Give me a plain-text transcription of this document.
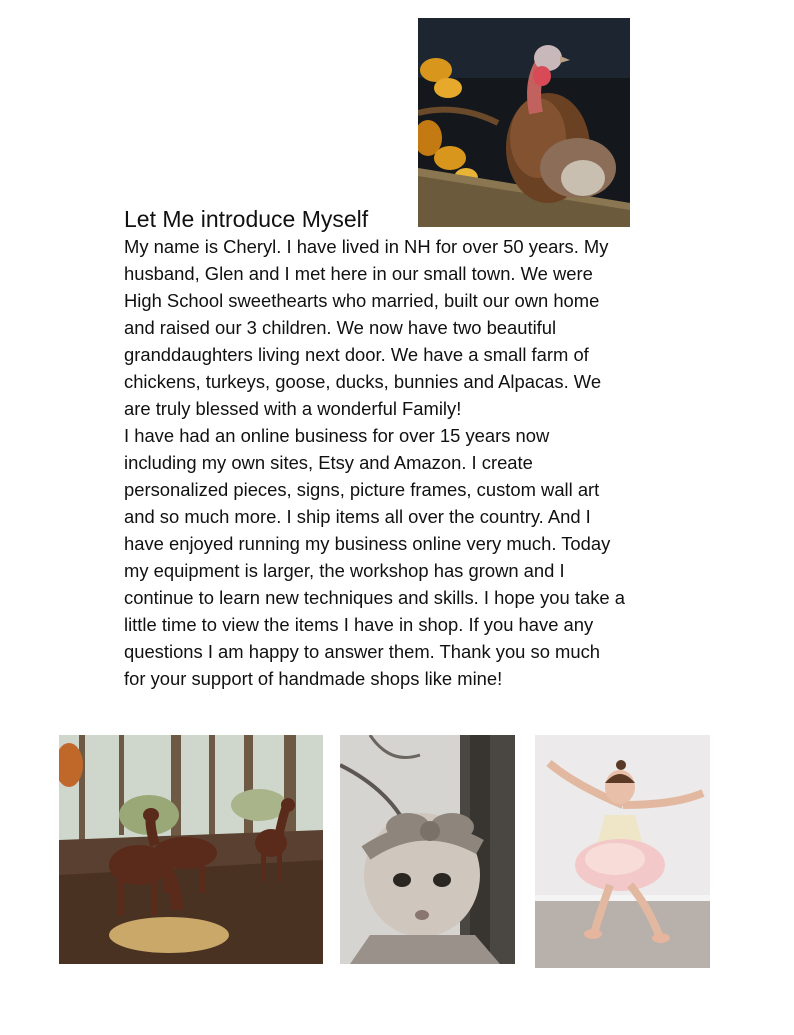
Let Me introduce Myself

My name is Cheryl. I have lived in NH for over 50 years. My
husband, Glen and I met here in our small town. We were
High School sweethearts who married, built our own home
and raised our 3 children. We now have two beautiful
granddaughters living next door. We have a small farm of
chickens, turkeys, goose, ducks, bunnies and Alpacas. We
are truly blessed with a wonderful Family!

I have had an online business for over 15 years now
including my own sites, Etsy and Amazon. I create
personalized pieces, signs, picture frames, custom wall art
and so much more. I ship items all over the country. And I
have enjoyed running my business online very much. Today
my equipment is larger, the workshop has grown and I
continue to learn new techniques and skills. I hope you take a
little time to view the items I have in shop. If you have any
questions I am happy to answer them. Thank you so much
for your support of handmade shops like mine!
